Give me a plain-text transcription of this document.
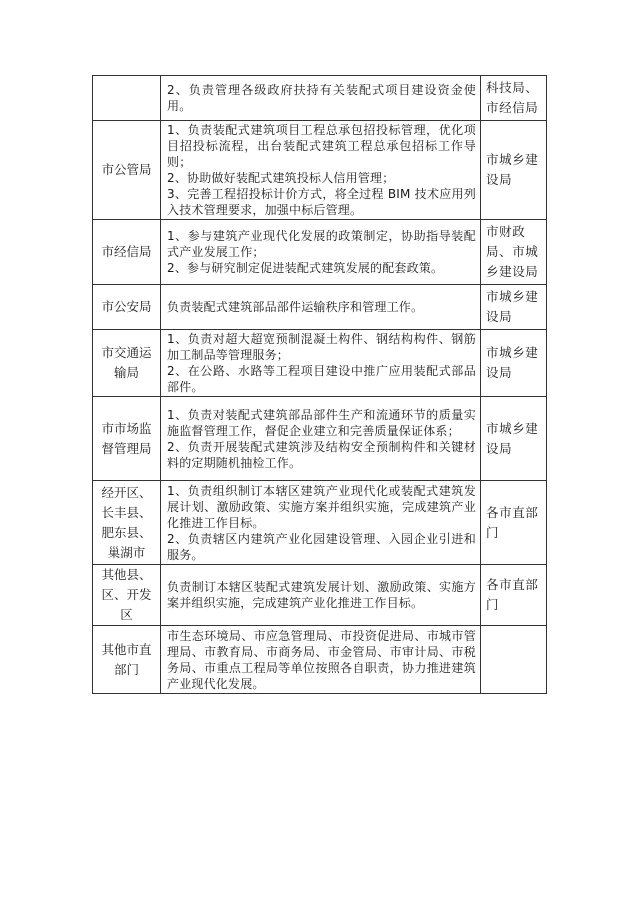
	2、负责管理各级政府扶持有关装配式项目建设资金使用。	科技局、市经信局
市公管局	1、负责装配式建筑项目工程总承包招投标管理，优化项目招投标流程，出台装配式建筑工程总承包招标工作导则；
2、协助做好装配式建筑投标人信用管理；
3、完善工程招投标计价方式，将全过程 BIM 技术应用列入技术管理要求，加强中标后管理。	市城乡建设局
市经信局	1、参与建筑产业现代化发展的政策制定，协助指导装配式产业发展工作；
2、参与研究制定促进装配式建筑发展的配套政策。	市财政局、市城乡建设局
市公安局	负责装配式建筑部品部件运输秩序和管理工作。	市城乡建设局
市交通运输局	1、负责对超大超宽预制混凝土构件、钢结构构件、钢筋加工制品等管理服务；
2、在公路、水路等工程项目建设中推广应用装配式部品部件。	市城乡建设局
市市场监督管理局	1、负责对装配式建筑部品部件生产和流通环节的质量实施监督管理工作，督促企业建立和完善质量保证体系；
2、负责开展装配式建筑涉及结构安全预制构件和关键材料的定期随机抽检工作。	市城乡建设局
经开区、长丰县、肥东县、巢湖市	1、负责组织制订本辖区建筑产业现代化或装配式建筑发展计划、激励政策、实施方案并组织实施，完成建筑产业化推进工作目标。
2、负责辖区内建筑产业化园建设管理、入园企业引进和服务。	各市直部门
其他县、区、开发区	负责制订本辖区装配式建筑发展计划、激励政策、实施方案并组织实施，完成建筑产业化推进工作目标。	各市直部门
其他市直部门	市生态环境局、市应急管理局、市投资促进局、市城市管理局、市教育局、市商务局、市金管局、市审计局、市税务局、市重点工程局等单位按照各自职责，协力推进建筑产业现代化发展。	
